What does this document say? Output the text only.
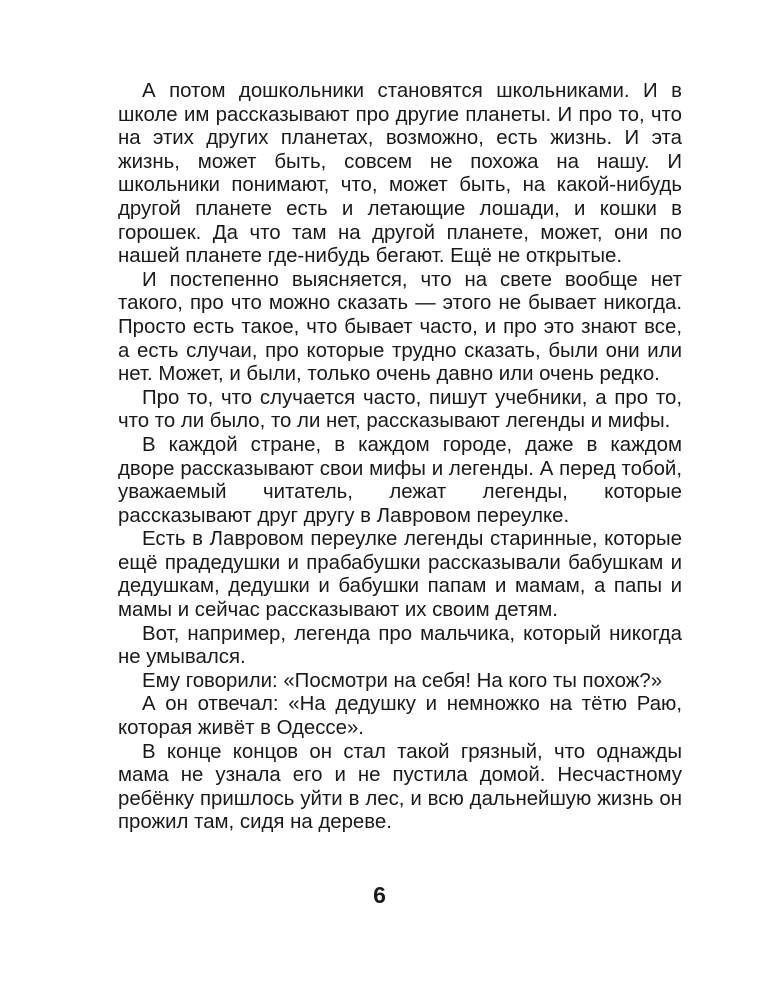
А потом дошкольники становятся школьниками. И в школе им рассказывают про другие планеты. И про то, что на этих других планетах, возможно, есть жизнь. И эта жизнь, может быть, совсем не похожа на нашу. И школьники понимают, что, может быть, на какой-нибудь другой планете есть и летающие лошади, и кошки в горошек. Да что там на другой планете, может, они по нашей планете где-нибудь бегают. Ещё не открытые.

И постепенно выясняется, что на свете вообще нет такого, про что можно сказать — этого не бывает никогда. Просто есть такое, что бывает часто, и про это знают все, а есть случаи, про которые трудно сказать, были они или нет. Может, и были, только очень давно или очень редко.

Про то, что случается часто, пишут учебники, а про то, что то ли было, то ли нет, рассказывают легенды и мифы.

В каждой стране, в каждом городе, даже в каждом дворе рассказывают свои мифы и легенды. А перед тобой, уважаемый читатель, лежат легенды, которые рассказывают друг другу в Лавровом переулке.

Есть в Лавровом переулке легенды старинные, которые ещё прадедушки и прабабушки рассказывали бабушкам и дедушкам, дедушки и бабушки папам и мамам, а папы и мамы и сейчас рассказывают их своим детям.

Вот, например, легенда про мальчика, который никогда не умывался.

Ему говорили: «Посмотри на себя! На кого ты похож?»

А он отвечал: «На дедушку и немножко на тётю Раю, которая живёт в Одессе».

В конце концов он стал такой грязный, что однажды мама не узнала его и не пустила домой. Несчастному ребёнку пришлось уйти в лес, и всю дальнейшую жизнь он прожил там, сидя на дереве.

6
